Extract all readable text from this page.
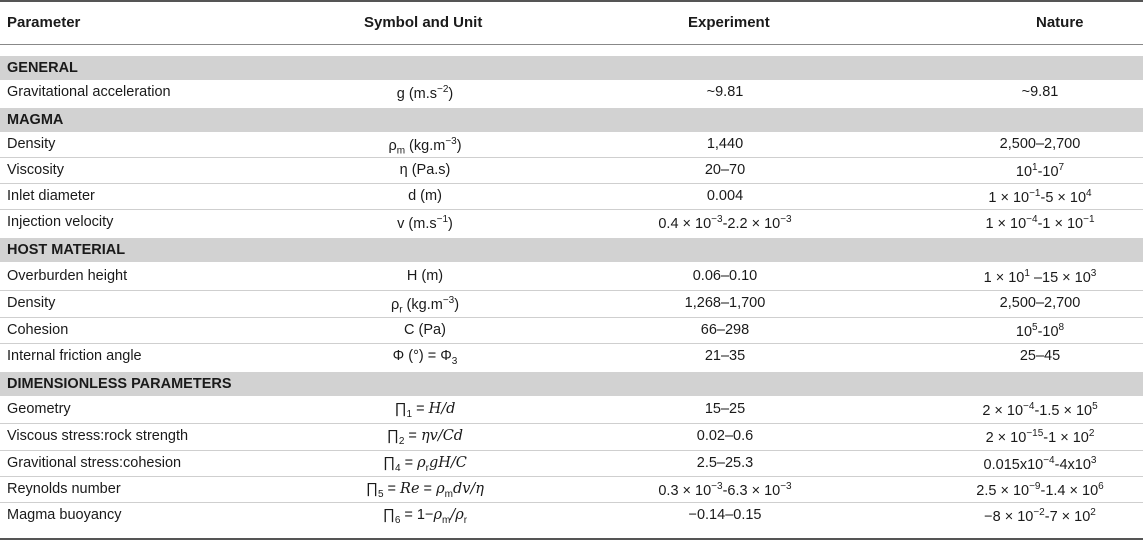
Parameter	Symbol and Unit	Experiment	Nature
GENERAL
Gravitational acceleration	g $(m.s^{-2})$	~9.81	~9.81
MAGMA
Density	$\rho_m$ $(kg.m^{-3})$	1,440	2,500–2,700
Viscosity	η (Pa.s)	20–70	$10^1-10^7$
Inlet diameter	d (m)	0.004	$1 \times 10^{-1}-5 \times 10^4$
Injection velocity	v $(m.s^{-1})$	$0.4 \times 10^{-3}-2.2 \times 10^{-3}$	$1 \times 10^{-4}-1 \times 10^{-1}$
HOST MATERIAL
Overburden height	H (m)	0.06–0.10	$1 \times 10^1$ $-15 \times 10^3$
Density	$\rho_r$ $(kg.m^{-3})$	1,268–1,700	2,500–2,700
Cohesion	C (Pa)	66–298	$10^5-10^8$
Internal friction angle	Φ (°) = $\Phi_3$	21–35	25–45
DIMENSIONLESS PARAMETERS
Geometry	$\prod_1 = H/d$	15–25	$2 \times 10^{-4}-1.5 \times 10^5$
Viscous stress:rock strength	$\prod_2 = \eta v/Cd$	0.02–0.6	$2 \times 10^{-15}-1 \times 10^2$
Gravitional stress:cohesion	$\prod_4 = \rho_rgH/C$	2.5–25.3	$0.015x10^{-4}-4x10^3$
Reynolds number	$\prod_5 = Re = \rho_mdv/\eta$	$0.3 \times 10^{-3}-6.3 \times 10^{-3}$	$2.5 \times 10^{-9}-1.4 \times 10^6$
Magma buoyancy	$\prod_6 = 1-\rho_m/\rho_r$	−0.14–0.15	$-8 \times 10^{-2}-7 \times 10^2$
